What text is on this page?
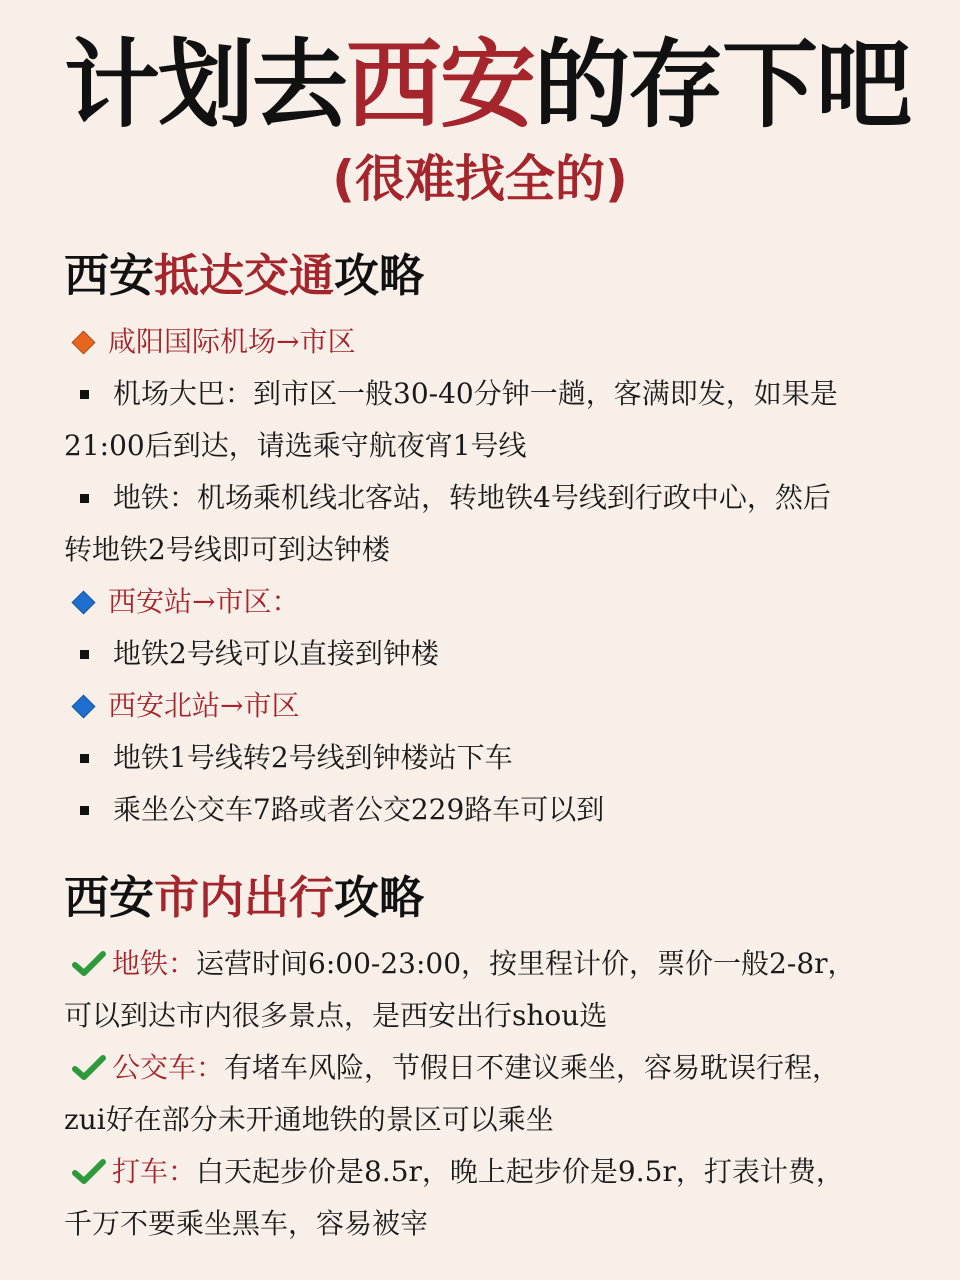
计划去西安的存下吧

(很难找全的)

西安抵达交通攻略
咸阳国际机场→市区
机场大巴：到市区一般30-40分钟一趟，客满即发，如果是
21:00后到达，请选乘守航夜宵1号线
地铁：机场乘机线北客站，转地铁4号线到行政中心，然后
转地铁2号线即可到达钟楼
西安站→市区：
地铁2号线可以直接到钟楼
西安北站→市区
地铁1号线转2号线到钟楼站下车
乘坐公交车7路或者公交229路车可以到
西安市内出行攻略
地铁： 运营时间6:00-23:00，按里程计价，票价一般2-8r，
可以到达市内很多景点，是西安出行shou选
公交车： 有堵车风险，节假日不建议乘坐，容易耽误行程，
zui好在部分未开通地铁的景区可以乘坐
打车： 白天起步价是8.5r，晚上起步价是9.5r，打表计费，
千万不要乘坐黑车，容易被宰
